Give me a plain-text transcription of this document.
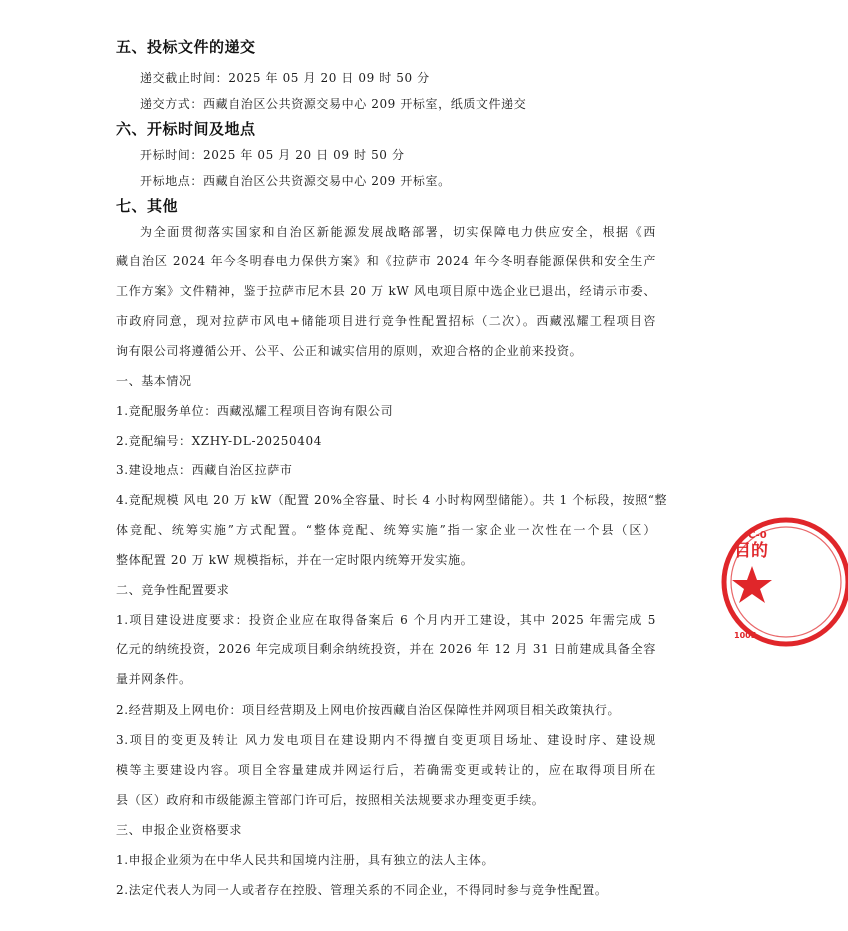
五、投标文件的递交
递交截止时间：2025 年 05 月 20 日 09 时 50 分
递交方式：西藏自治区公共资源交易中心 209 开标室，纸质文件递交
六、开标时间及地点
开标时间：2025 年 05 月 20 日 09 时 50 分
开标地点：西藏自治区公共资源交易中心 209 开标室。
七、其他
为全面贯彻落实国家和自治区新能源发展战略部署，切实保障电力供应安全，根据《西
藏自治区 2024 年今冬明春电力保供方案》和《拉萨市 2024 年今冬明春能源保供和安全生产
工作方案》文件精神，鉴于拉萨市尼木县 20 万 kW 风电项目原中选企业已退出，经请示市委、
市政府同意，现对拉萨市风电+储能项目进行竞争性配置招标（二次）。西藏泓耀工程项目咨
询有限公司将遵循公开、公平、公正和诚实信用的原则，欢迎合格的企业前来投资。
一、基本情况
1.竞配服务单位：西藏泓耀工程项目咨询有限公司
2.竞配编号：XZHY-DL-20250404
3.建设地点：西藏自治区拉萨市
4.竞配规模 风电 20 万 kW（配置 20%全容量、时长 4 小时构网型储能）。共 1 个标段，按照“整
体竞配、统筹实施”方式配置。“整体竞配、统筹实施”指一家企业一次性在一个县（区）
整体配置 20 万 kW 规模指标，并在一定时限内统筹开发实施。
二、竞争性配置要求
1.项目建设进度要求：投资企业应在取得备案后 6 个月内开工建设，其中 2025 年需完成 5
亿元的纳统投资，2026 年完成项目剩余纳统投资，并在 2026 年 12 月 31 日前建成具备全容
量并网条件。
2.经营期及上网电价：项目经营期及上网电价按西藏自治区保障性并网项目相关政策执行。
3.项目的变更及转让 风力发电项目在建设期内不得擅自变更项目场址、建设时序、建设规
模等主要建设内容。项目全容量建成并网运行后，若确需变更或转让的，应在取得项目所在
县（区）政府和市级能源主管部门许可后，按照相关法规要求办理变更手续。
三、申报企业资格要求
1.申报企业须为在中华人民共和国境内注册，具有独立的法人主体。
2.法定代表人为同一人或者存在控股、管理关系的不同企业，不得同时参与竞争性配置。
C-0
目的
1005
